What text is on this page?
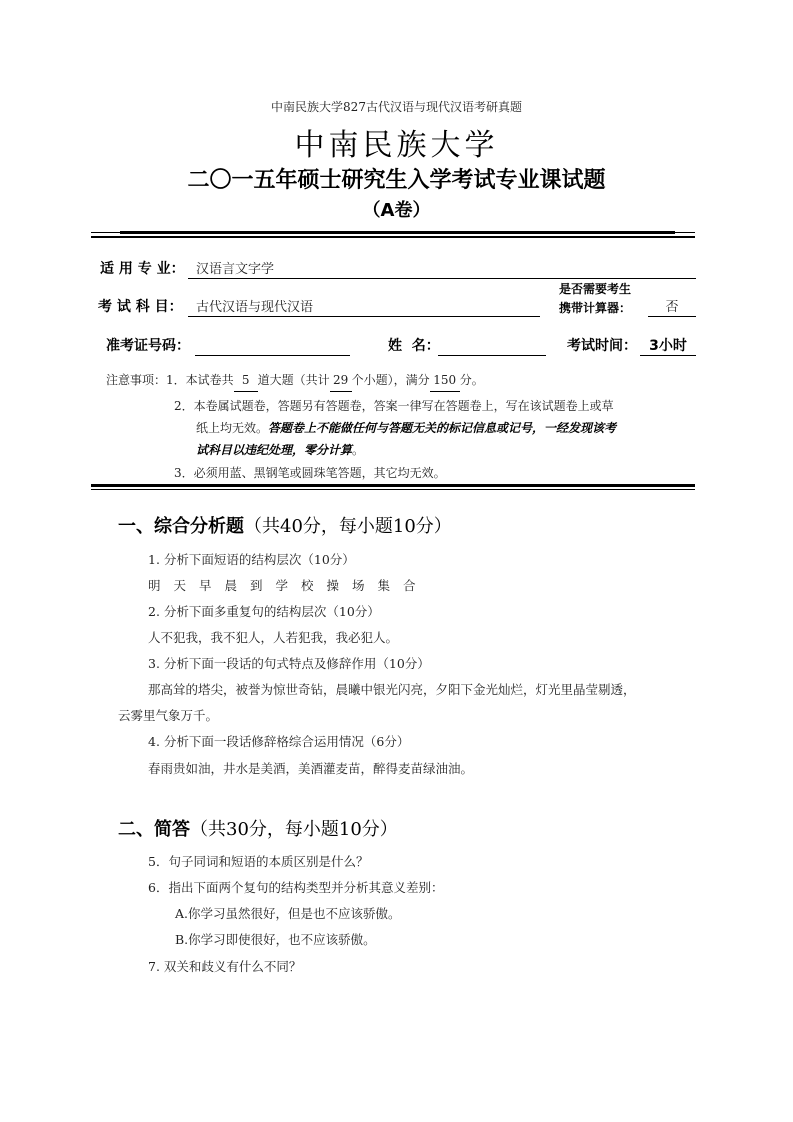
中南民族大学827古代汉语与现代汉语考研真题
中南民族大学
二〇一五年硕士研究生入学考试专业课试题
（A卷）
适 用 专 业： 汉语言文字学
考 试 科 目：	古代汉语与现代汉语
是否需要考生
携带计算器：	否
准考证号码：	姓  名：	考试时间： 3小时
注意事项：1．本试卷共 5 道大题（共计 29 个小题），满分 150 分。
2．本卷属试题卷，答题另有答题卷，答案一律写在答题卷上，写在该试题卷上或草
纸上均无效。答题卷上不能做任何与答题无关的标记信息或记号，一经发现该考
试科目以违纪处理，零分计算。
3．必须用蓝、黑钢笔或圆珠笔答题，其它均无效。
一、综合分析题（共40分，每小题10分）
1. 分析下面短语的结构层次（10分）
明天早晨到学校操场集合
2. 分析下面多重复句的结构层次（10分）
人不犯我，我不犯人，人若犯我，我必犯人。
3. 分析下面一段话的句式特点及修辞作用（10分）
那高耸的塔尖，被誉为惊世奇钻，晨曦中银光闪亮，夕阳下金光灿烂，灯光里晶莹剔透，
云雾里气象万千。
4. 分析下面一段话修辞格综合运用情况（6分）
春雨贵如油，井水是美酒，美酒灌麦苗，醉得麦苗绿油油。
二、简答（共30分，每小题10分）
5．句子同词和短语的本质区别是什么？
6．指出下面两个复句的结构类型并分析其意义差别：
A.你学习虽然很好，但是也不应该骄傲。
B.你学习即使很好，也不应该骄傲。
7. 双关和歧义有什么不同？
